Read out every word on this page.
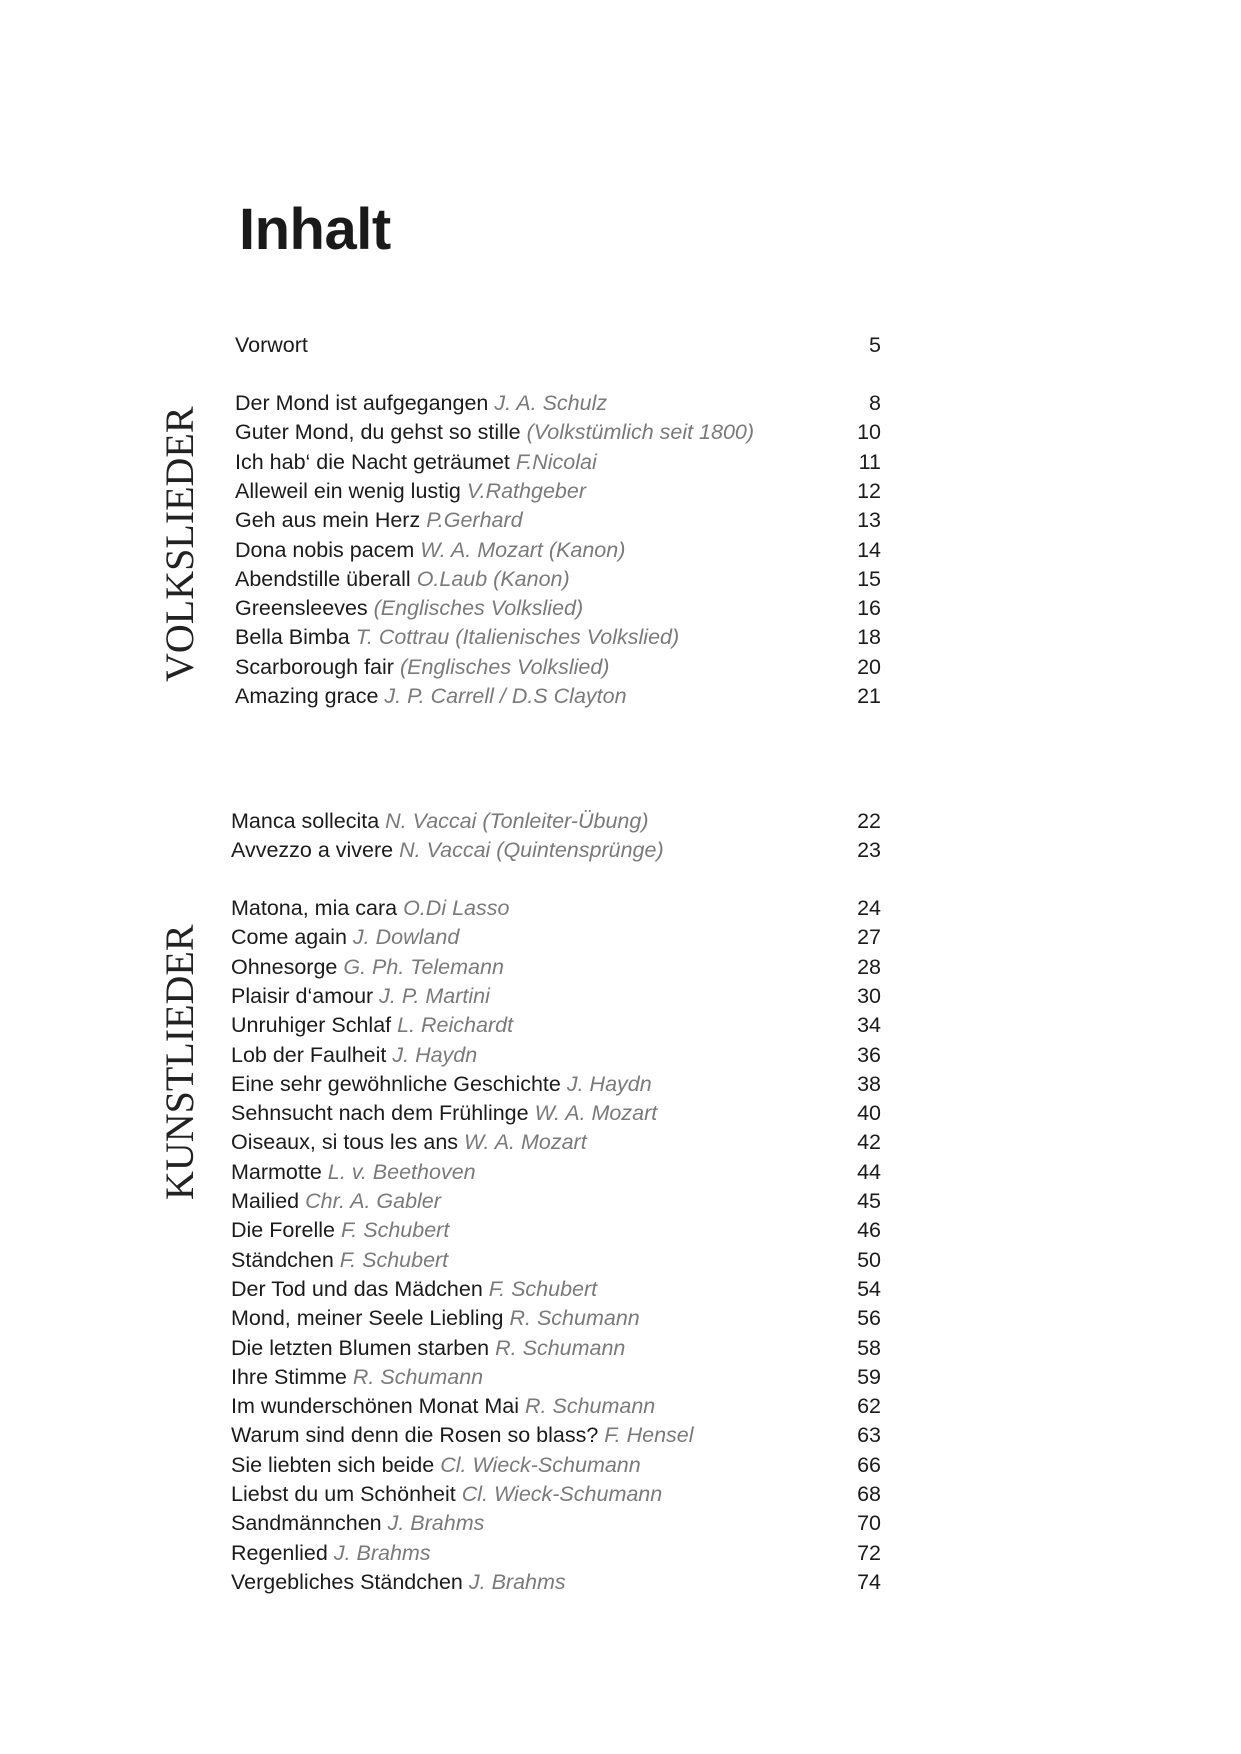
Inhalt
Vorwort	5
VOLKSLIEDER
KUNSTLIEDER
Der Mond ist aufgegangen J. A. Schulz	8
Guter Mond, du gehst so stille (Volkstümlich seit 1800)	10
Ich hab‘ die Nacht geträumet F.Nicolai	11
Alleweil ein wenig lustig V.Rathgeber	12
Geh aus mein Herz P.Gerhard	13
Dona nobis pacem W. A. Mozart (Kanon)	14
Abendstille überall O.Laub (Kanon)	15
Greensleeves (Englisches Volkslied)	16
Bella Bimba T. Cottrau (Italienisches Volkslied)	18
Scarborough fair (Englisches Volkslied)	20
Amazing grace J. P. Carrell / D.S Clayton	21
Manca sollecita N. Vaccai (Tonleiter-Übung)	22
Avvezzo a vivere N. Vaccai (Quintensprünge)	23
Matona, mia cara O.Di Lasso	24
Come again J. Dowland	27
Ohnesorge G. Ph. Telemann	28
Plaisir d‘amour J. P. Martini	30
Unruhiger Schlaf L. Reichardt	34
Lob der Faulheit J. Haydn	36
Eine sehr gewöhnliche Geschichte J. Haydn	38
Sehnsucht nach dem Frühlinge W. A. Mozart	40
Oiseaux, si tous les ans W. A. Mozart	42
Marmotte L. v. Beethoven	44
Mailied Chr. A. Gabler	45
Die Forelle F. Schubert	46
Ständchen F. Schubert	50
Der Tod und das Mädchen F. Schubert	54
Mond, meiner Seele Liebling R. Schumann	56
Die letzten Blumen starben R. Schumann	58
Ihre Stimme R. Schumann	59
Im wunderschönen Monat Mai R. Schumann	62
Warum sind denn die Rosen so blass? F. Hensel	63
Sie liebten sich beide Cl. Wieck-Schumann	66
Liebst du um Schönheit Cl. Wieck-Schumann	68
Sandmännchen J. Brahms	70
Regenlied J. Brahms	72
Vergebliches Ständchen J. Brahms	74
